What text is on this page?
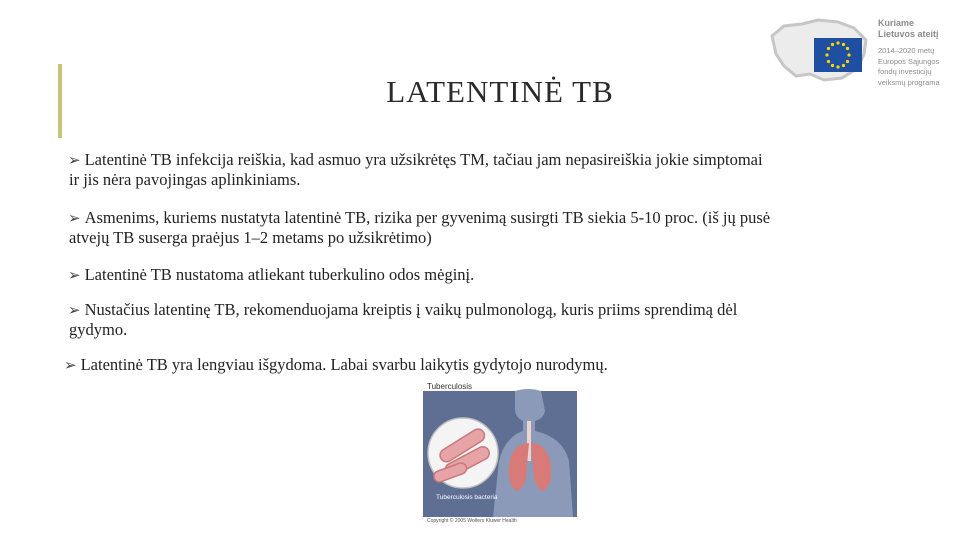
LATENTINĖ TB
Kuriame
Lietuvos ateitį
2014–2020 metų
Europos Sąjungos
fondų investicijų
veiksmų programa
➢ Latentinė TB infekcija reiškia, kad asmuo yra užsikrėtęs TM, tačiau jam nepasireiškia jokie simptomai
ir jis nėra pavojingas aplinkiniams.
➢ Asmenims, kuriems nustatyta latentinė TB, rizika per gyvenimą susirgti TB siekia 5-10 proc. (iš jų pusė
atvejų TB suserga praėjus 1–2 metams po užsikrėtimo)
➢ Latentinė TB nustatoma atliekant tuberkulino odos mėginį.
➢ Nustačius latentinę TB, rekomenduojama kreiptis į vaikų pulmonologą, kuris priims sprendimą dėl
gydymo.
➢ Latentinė TB yra lengviau išgydoma. Labai svarbu laikytis gydytojo nurodymų.
Tuberculosis
Tuberculosis bacteria
Copyright © 2005 Wolters Kluwer Health
